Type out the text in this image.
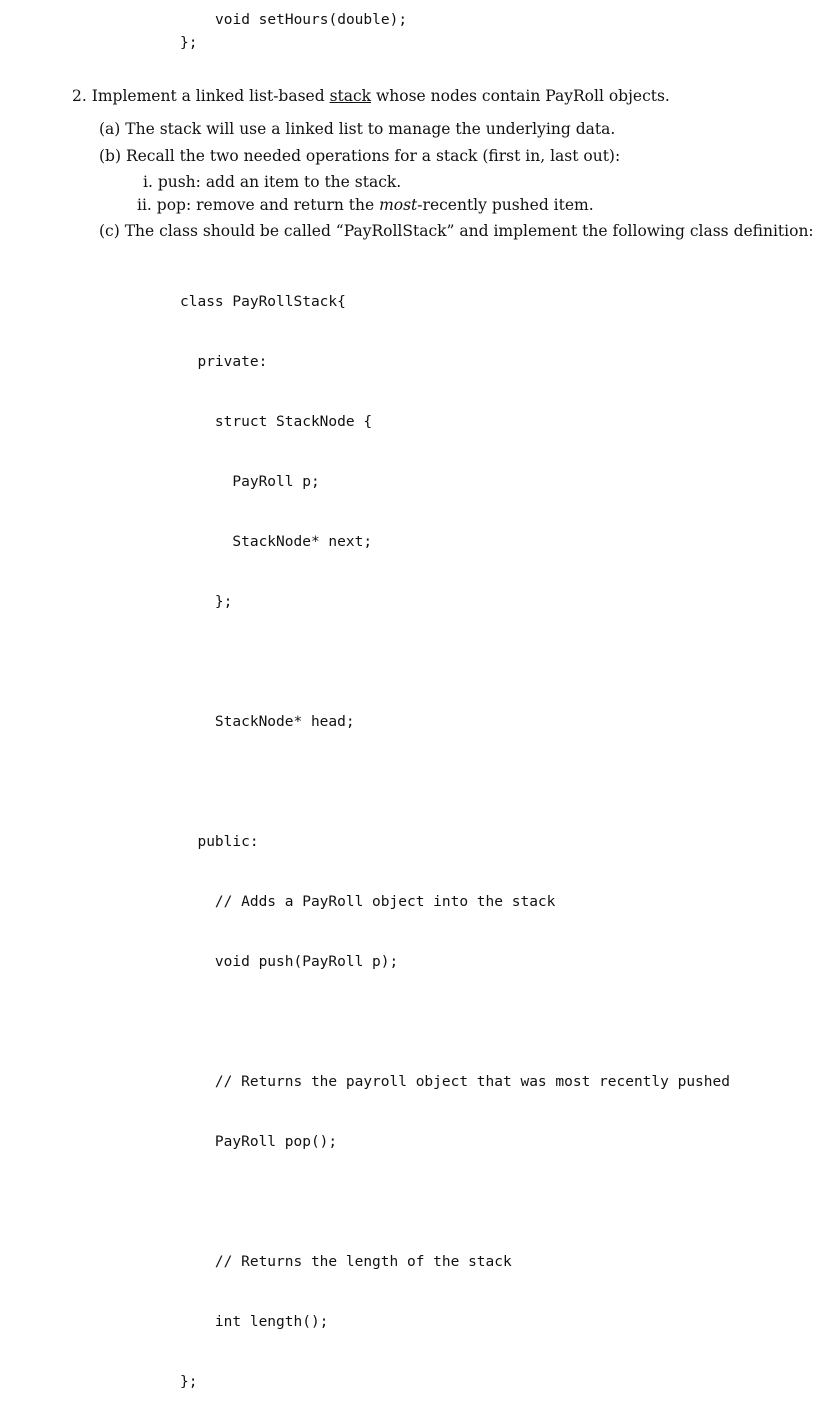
void setHours(double);
};
2. Implement a linked list-based stack whose nodes contain PayRoll objects.
(a) The stack will use a linked list to manage the underlying data.
(b) Recall the two needed operations for a stack (first in, last out):
i. push: add an item to the stack.
ii. pop: remove and return the most-recently pushed item.
(c) The class should be called “PayRollStack” and implement the following class definition:

class PayRollStack{

private:

struct StackNode {

PayRoll p;

StackNode* next;

};

StackNode* head;

public:

// Adds a PayRoll object into the stack

void push(PayRoll p);

// Returns the payroll object that was most recently pushed

PayRoll pop();

// Returns the length of the stack

int length();

};
